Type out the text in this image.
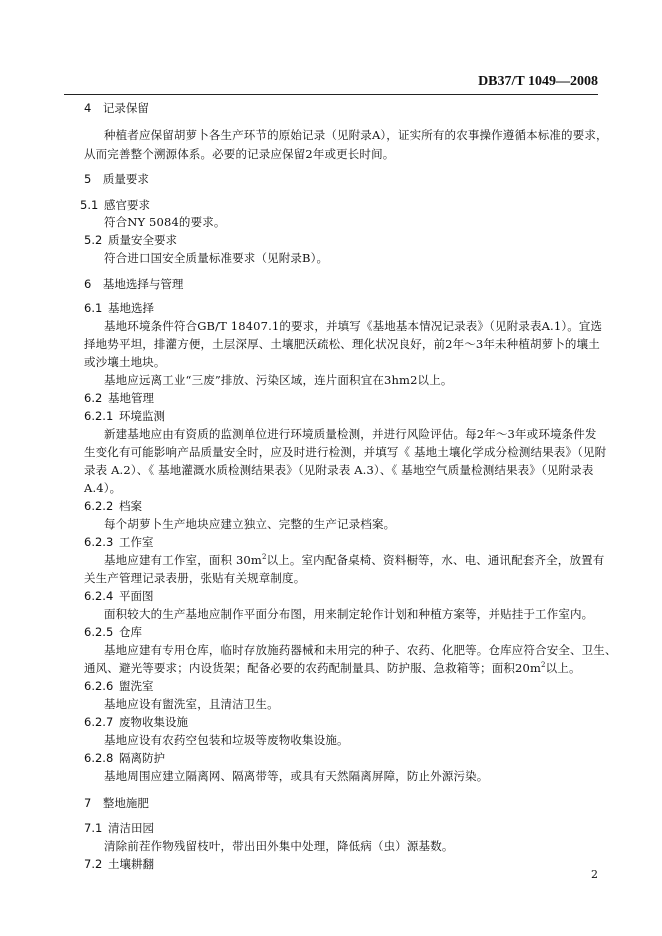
DB37/T 1049—2008
4  记录保留
种植者应保留胡萝卜各生产环节的原始记录（见附录A），证实所有的农事操作遵循本标准的要求，
从而完善整个溯源体系。必要的记录应保留2年或更长时间。
5  质量要求
5.1  感官要求
符合NY 5084的要求。
5.2  质量安全要求
符合进口国安全质量标准要求（见附录B）。
6  基地选择与管理
6.1  基地选择
基地环境条件符合GB/T 18407.1的要求，并填写《基地基本情况记录表》（见附录表A.1）。宜选
择地势平坦，排灌方便，土层深厚、土壤肥沃疏松、理化状况良好，前2年～3年未种植胡萝卜的壤土
或沙壤土地块。
基地应远离工业“三废”排放、污染区域，连片面积宜在3hm2以上。
6.2  基地管理
6.2.1  环境监测
新建基地应由有资质的监测单位进行环境质量检测，并进行风险评估。每2年～3年或环境条件发
生变化有可能影响产品质量安全时，应及时进行检测，并填写《 基地土壤化学成分检测结果表》（见附
录表 A.2）、《 基地灌溉水质检测结果表》（见附录表 A.3）、《 基地空气质量检测结果表》（见附录表
A.4）。
6.2.2  档案
每个胡萝卜生产地块应建立独立、完整的生产记录档案。
6.2.3  工作室
基地应建有工作室，面积 $30m^2$以上。室内配备桌椅、资料橱等，水、电、通讯配套齐全，放置有
关生产管理记录表册，张贴有关规章制度。
6.2.4  平面图
面积较大的生产基地应制作平面分布图，用来制定轮作计划和种植方案等，并贴挂于工作室内。
6.2.5  仓库
基地应建有专用仓库，临时存放施药器械和未用完的种子、农药、化肥等。仓库应符合安全、卫生、
通风、避光等要求；内设货架；配备必要的农药配制量具、防护服、急救箱等；面积$20m^2$以上。
6.2.6  盥洗室
基地应设有盥洗室，且清洁卫生。
6.2.7  废物收集设施
基地应设有农药空包装和垃圾等废物收集设施。
6.2.8  隔离防护
基地周围应建立隔离网、隔离带等，或具有天然隔离屏障，防止外源污染。
7  整地施肥
7.1  清洁田园
清除前茬作物残留枝叶，带出田外集中处理，降低病（虫）源基数。
7.2  土壤耕翻
2
